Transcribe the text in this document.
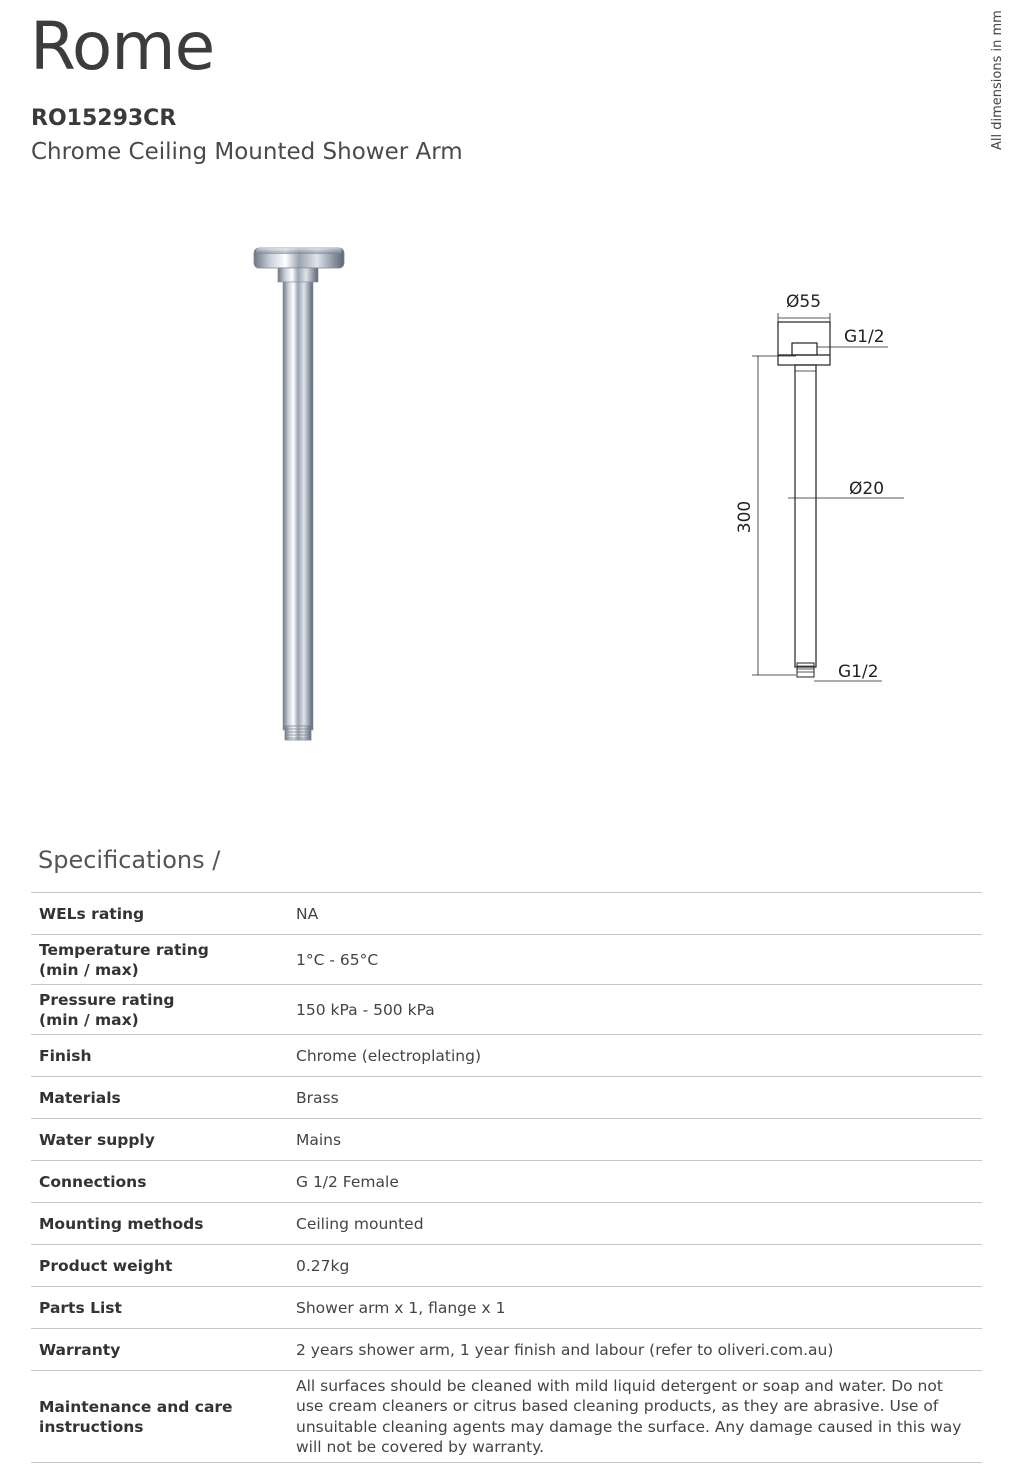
Rome
RO15293CR
Chrome Ceiling Mounted Shower Arm
All dimensions in mm
Ø55
G1/2
Ø20
G1/2
300
Specifications /
WELs rating	NA
Temperature rating
(min / max)	1°C - 65°C
Pressure rating
(min / max)	150 kPa - 500 kPa
Finish	Chrome (electroplating)
Materials	Brass
Water supply	Mains
Connections	G 1/2 Female
Mounting methods	Ceiling mounted
Product weight	0.27kg
Parts List	Shower arm x 1, flange x 1
Warranty	2 years shower arm, 1 year finish and labour (refer to oliveri.com.au)
Maintenance and care
instructions	All surfaces should be cleaned with mild liquid detergent or soap and water. Do not use cream cleaners or citrus based cleaning products, as they are abrasive. Use of unsuitable cleaning agents may damage the surface. Any damage caused in this way will not be covered by warranty.
